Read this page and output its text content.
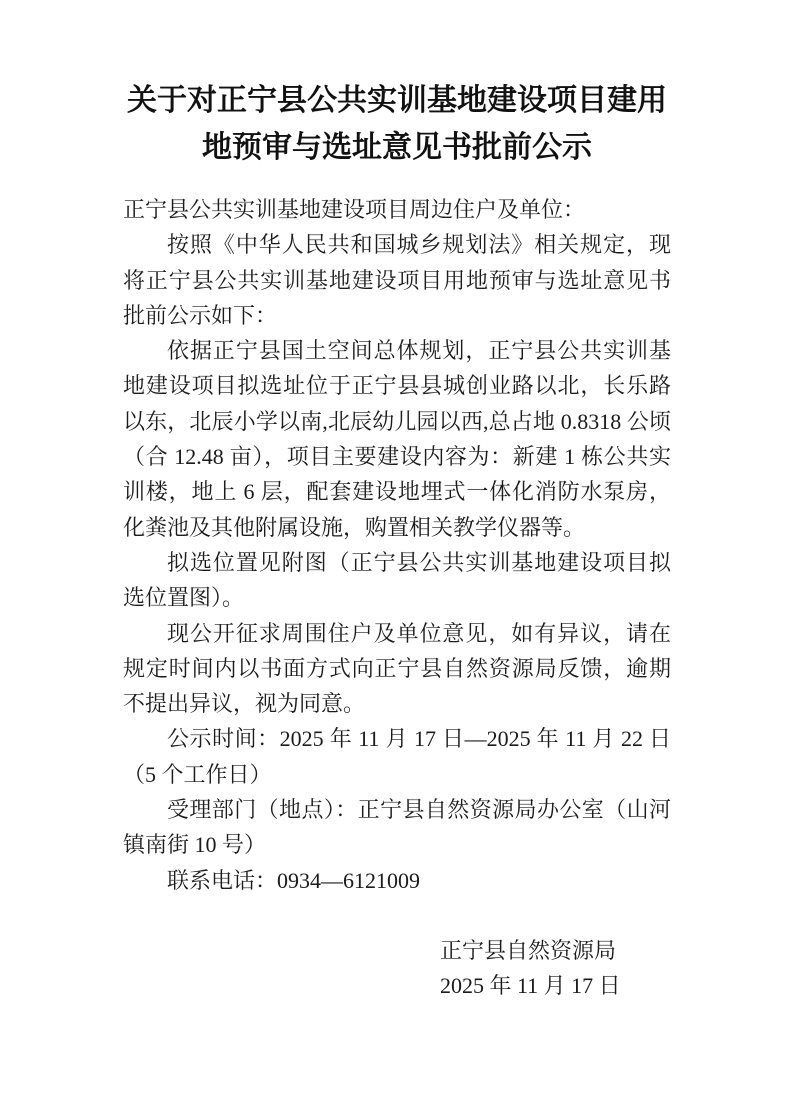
关于对正宁县公共实训基地建设项目建用
地预审与选址意见书批前公示

正宁县公共实训基地建设项目周边住户及单位：

按照《中华人民共和国城乡规划法》相关规定，现将正宁县公共实训基地建设项目用地预审与选址意见书批前公示如下：

依据正宁县国土空间总体规划，正宁县公共实训基地建设项目拟选址位于正宁县县城创业路以北，长乐路以东，北辰小学以南,北辰幼儿园以西,总占地 0.8318 公顷（合 12.48 亩），项目主要建设内容为：新建 1 栋公共实训楼，地上 6 层，配套建设地埋式一体化消防水泵房，化粪池及其他附属设施，购置相关教学仪器等。

拟选位置见附图（正宁县公共实训基地建设项目拟选位置图）。

现公开征求周围住户及单位意见，如有异议，请在规定时间内以书面方式向正宁县自然资源局反馈，逾期不提出异议，视为同意。

公示时间：2025 年 11 月 17 日—2025 年 11 月 22 日（5 个工作日）

受理部门（地点）：正宁县自然资源局办公室（山河镇南街 10 号）

联系电话：0934—6121009

正宁县自然资源局
2025 年 11 月 17 日
